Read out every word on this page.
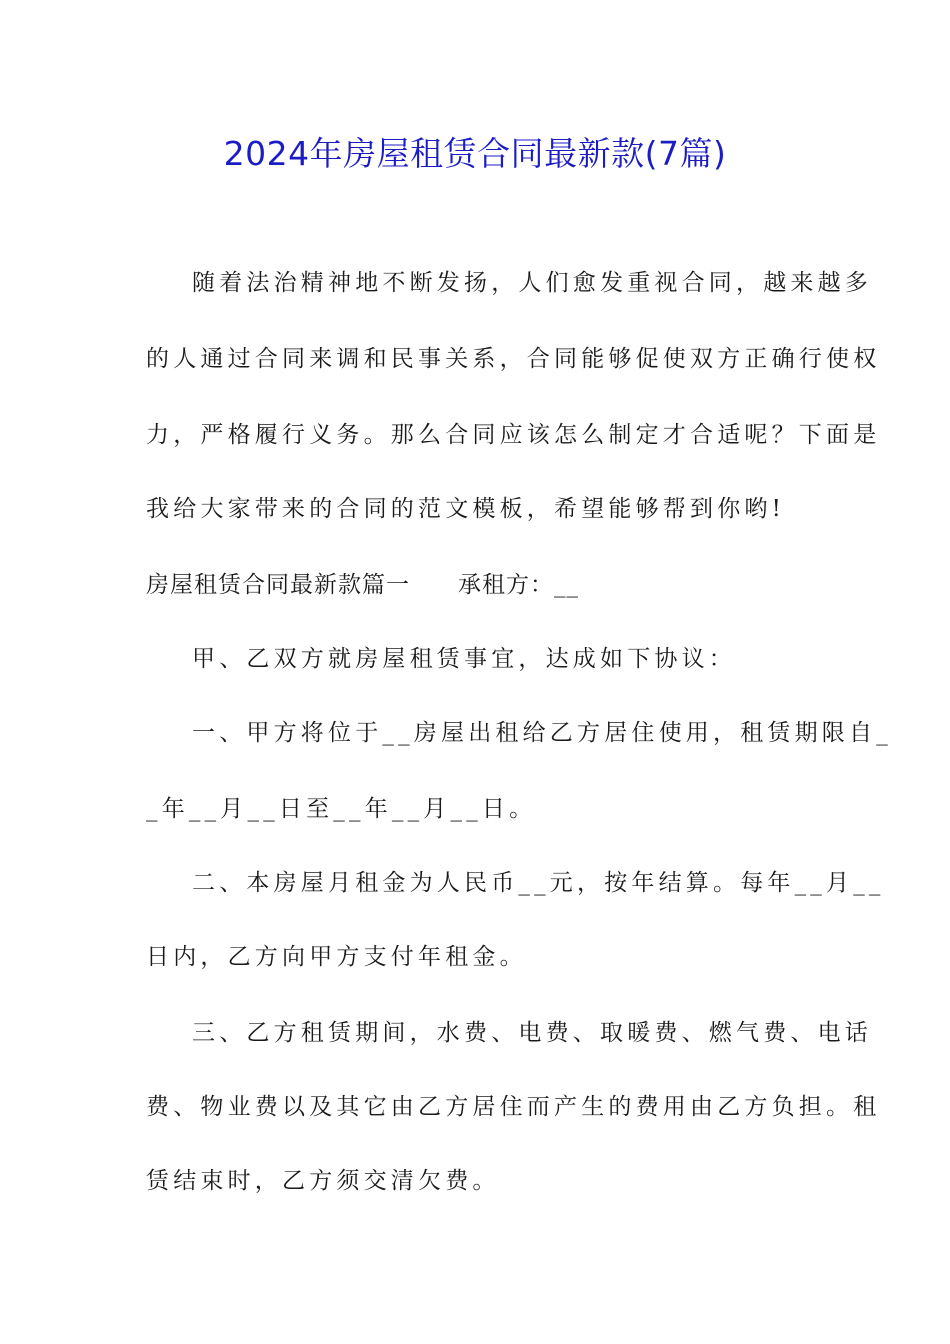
2024年房屋租赁合同最新款(7篇)
随着法治精神地不断发扬，人们愈发重视合同，越来越多
的人通过合同来调和民事关系，合同能够促使双方正确行使权
力，严格履行义务。那么合同应该怎么制定才合适呢？下面是
我给大家带来的合同的范文模板，希望能够帮到你哟!
房屋租赁合同最新款篇一　　承租方：__
甲、乙双方就房屋租赁事宜，达成如下协议：
一、甲方将位于__房屋出租给乙方居住使用，租赁期限自_
_年__月__日至__年__月__日。
二、本房屋月租金为人民币__元，按年结算。每年__月__
日内，乙方向甲方支付年租金。
三、乙方租赁期间，水费、电费、取暖费、燃气费、电话
费、物业费以及其它由乙方居住而产生的费用由乙方负担。租
赁结束时，乙方须交清欠费。
